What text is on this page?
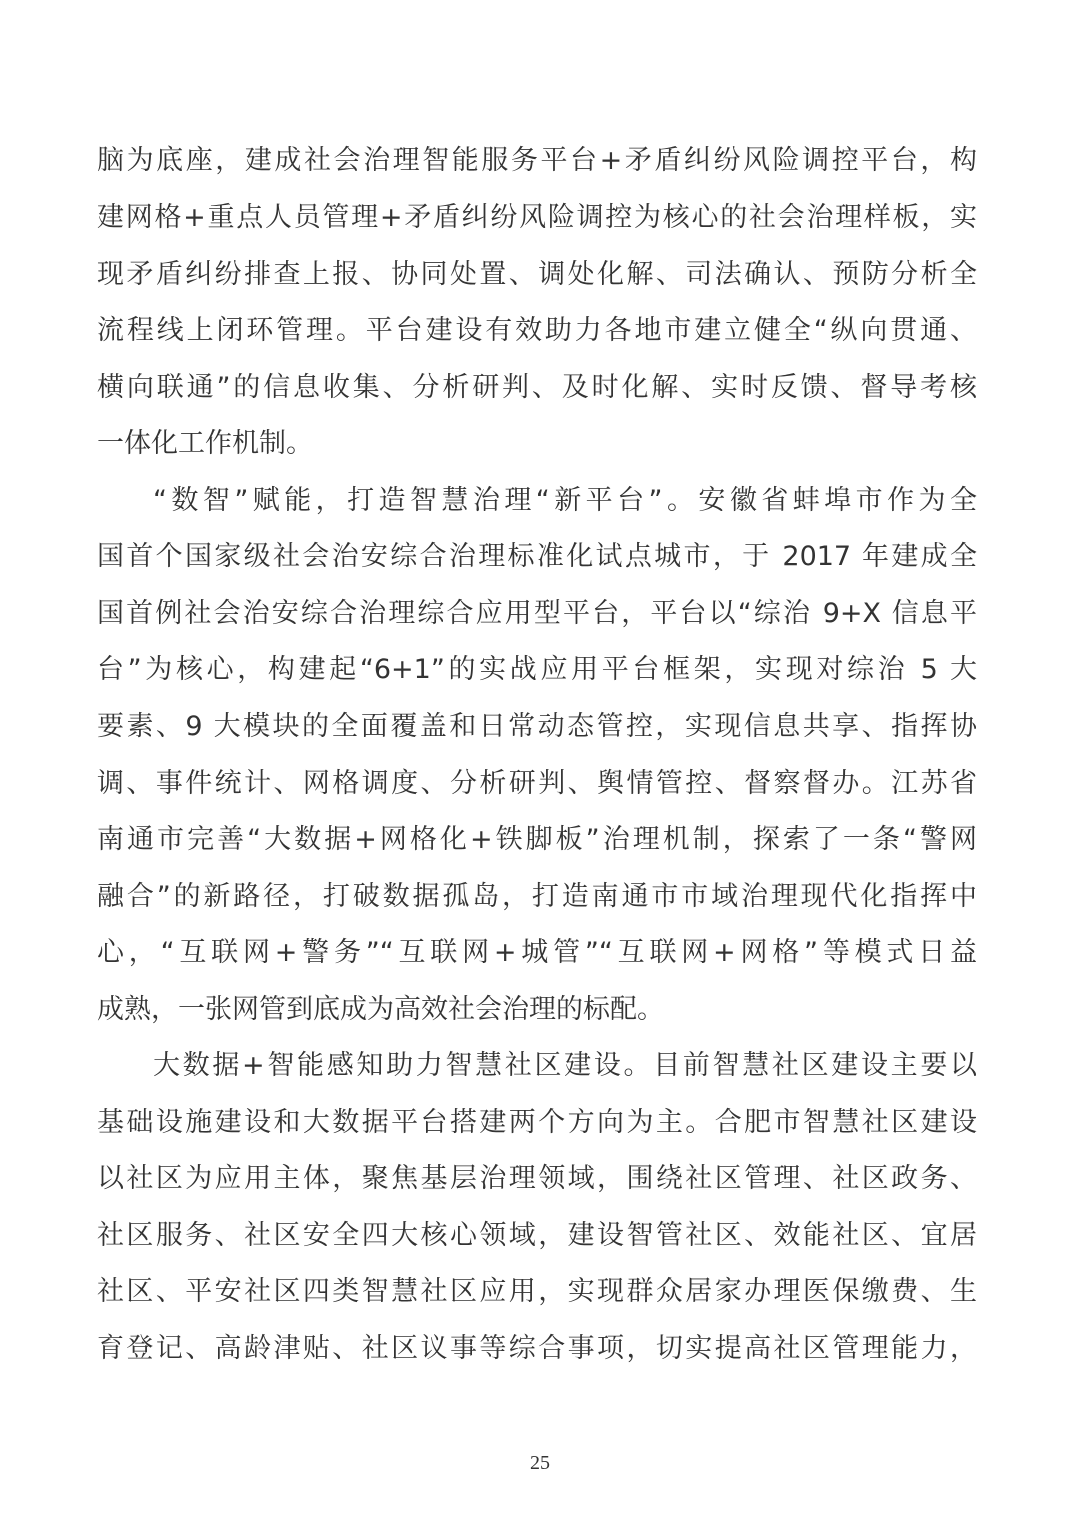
脑为底座，建成社会治理智能服务平台+矛盾纠纷风险调控平台，构
建网格+重点人员管理+矛盾纠纷风险调控为核心的社会治理样板，实
现矛盾纠纷排查上报、协同处置、调处化解、司法确认、预防分析全
流程线上闭环管理。平台建设有效助力各地市建立健全“纵向贯通、
横向联通”的信息收集、分析研判、及时化解、实时反馈、督导考核
一体化工作机制。
“数智”赋能，打造智慧治理“新平台”。安徽省蚌埠市作为全
国首个国家级社会治安综合治理标准化试点城市，于 2017 年建成全
国首例社会治安综合治理综合应用型平台，平台以“综治 9+X 信息平
台”为核心，构建起“6+1”的实战应用平台框架，实现对综治 5 大
要素、9 大模块的全面覆盖和日常动态管控，实现信息共享、指挥协
调、事件统计、网格调度、分析研判、舆情管控、督察督办。江苏省
南通市完善“大数据+网格化+铁脚板”治理机制，探索了一条“警网
融合”的新路径，打破数据孤岛，打造南通市市域治理现代化指挥中
心，“互联网+警务”“互联网+城管”“互联网+网格”等模式日益
成熟，一张网管到底成为高效社会治理的标配。
大数据+智能感知助力智慧社区建设。目前智慧社区建设主要以
基础设施建设和大数据平台搭建两个方向为主。合肥市智慧社区建设
以社区为应用主体，聚焦基层治理领域，围绕社区管理、社区政务、
社区服务、社区安全四大核心领域，建设智管社区、效能社区、宜居
社区、平安社区四类智慧社区应用，实现群众居家办理医保缴费、生
育登记、高龄津贴、社区议事等综合事项，切实提高社区管理能力，
25
